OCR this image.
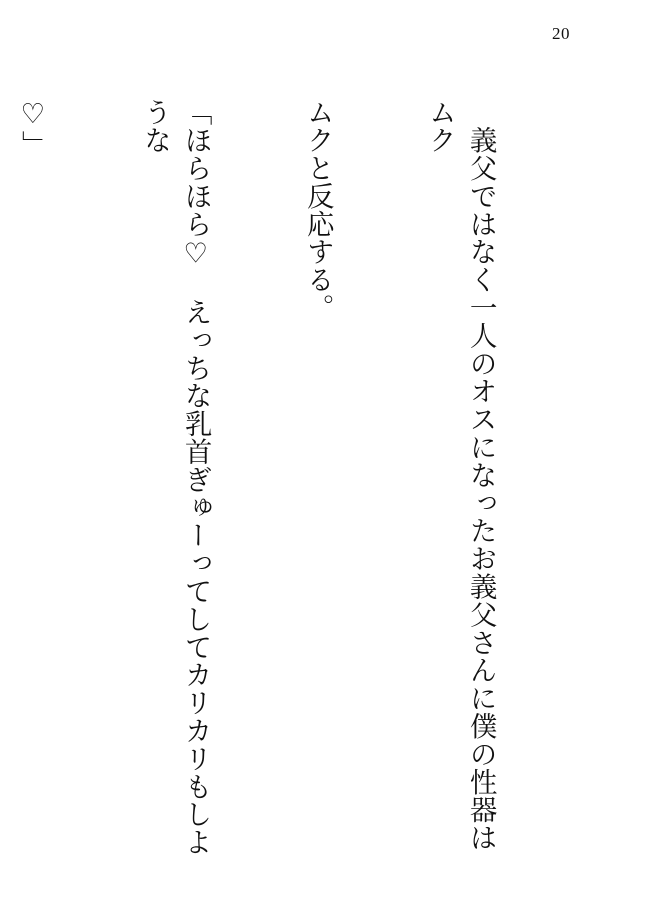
20

　義父ではなく一人のオスになったお義父さんに僕の性器はムク

ムクと反応する。

「ほらほら♡　えっちな乳首ぎゅーってしてカリカリもしような

♡」
